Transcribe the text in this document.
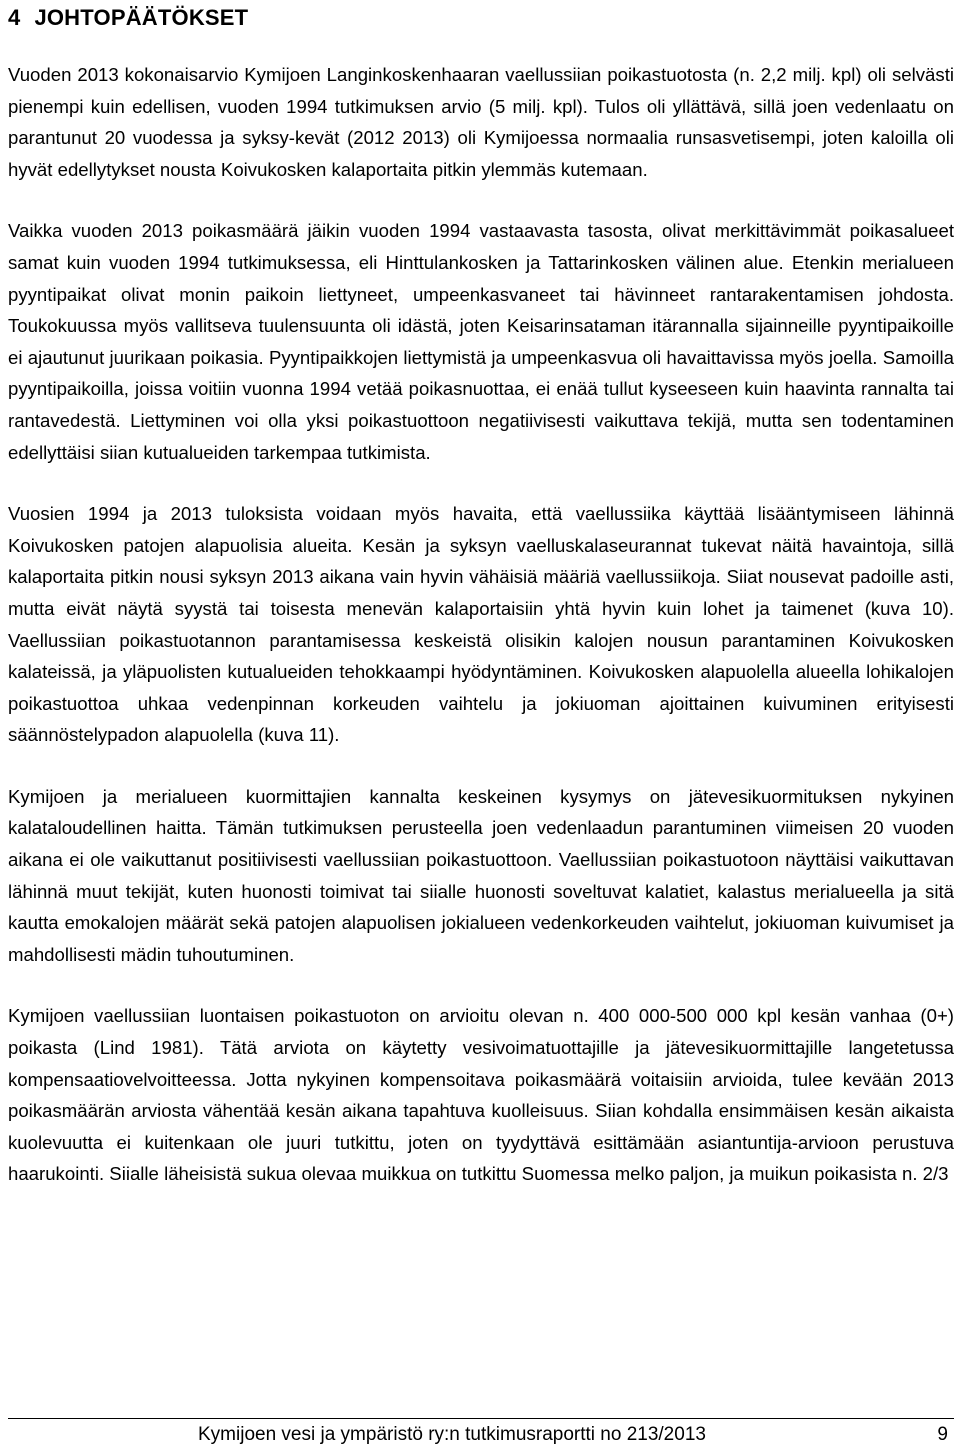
4 JOHTOPÄÄTÖKSET

Vuoden 2013 kokonaisarvio Kymijoen Langinkoskenhaaran vaellussiian poikastuotosta (n. 2,2 milj. kpl) oli selvästi pienempi kuin edellisen, vuoden 1994 tutkimuksen arvio (5 milj. kpl). Tulos oli yllättävä, sillä joen vedenlaatu on parantunut 20 vuodessa ja syksy-kevät (2012 2013) oli Kymijoessa normaalia runsasvetisempi, joten kaloilla oli hyvät edellytykset nousta Koivukosken kalaportaita pitkin ylemmäs kutemaan.

Vaikka vuoden 2013 poikasmäärä jäikin vuoden 1994 vastaavasta tasosta, olivat merkittävimmät poikasalueet samat kuin vuoden 1994 tutkimuksessa, eli Hinttulankosken ja Tattarinkosken välinen alue. Etenkin merialueen pyyntipaikat olivat monin paikoin liettyneet, umpeenkasvaneet tai hävinneet rantarakentamisen johdosta. Toukokuussa myös vallitseva tuulensuunta oli idästä, joten Keisarinsataman itärannalla sijainneille pyyntipaikoille ei ajautunut juurikaan poikasia. Pyyntipaikkojen liettymistä ja umpeenkasvua oli havaittavissa myös joella. Samoilla pyyntipaikoilla, joissa voitiin vuonna 1994 vetää poikasnuottaa, ei enää tullut kyseeseen kuin haavinta rannalta tai rantavedestä. Liettyminen voi olla yksi poikastuottoon negatiivisesti vaikuttava tekijä, mutta sen todentaminen edellyttäisi siian kutualueiden tarkempaa tutkimista.

Vuosien 1994 ja 2013 tuloksista voidaan myös havaita, että vaellussiika käyttää lisääntymiseen lähinnä Koivukosken patojen alapuolisia alueita. Kesän ja syksyn vaelluskalaseurannat tukevat näitä havaintoja, sillä kalaportaita pitkin nousi syksyn 2013 aikana vain hyvin vähäisiä määriä vaellussiikoja. Siiat nousevat padoille asti, mutta eivät näytä syystä tai toisesta menevän kalaportaisiin yhtä hyvin kuin lohet ja taimenet (kuva 10). Vaellussiian poikastuotannon parantamisessa keskeistä olisikin kalojen nousun parantaminen Koivukosken kalateissä, ja yläpuolisten kutualueiden tehokkaampi hyödyntäminen. Koivukosken alapuolella alueella lohikalojen poikastuottoa uhkaa vedenpinnan korkeuden vaihtelu ja jokiuoman ajoittainen kuivuminen erityisesti säännöstelypadon alapuolella (kuva 11).

Kymijoen ja merialueen kuormittajien kannalta keskeinen kysymys on jätevesikuormituksen nykyinen kalataloudellinen haitta. Tämän tutkimuksen perusteella joen vedenlaadun parantuminen viimeisen 20 vuoden aikana ei ole vaikuttanut positiivisesti vaellussiian poikastuottoon. Vaellussiian poikastuotoon näyttäisi vaikuttavan lähinnä muut tekijät, kuten huonosti toimivat tai siialle huonosti soveltuvat kalatiet, kalastus merialueella ja sitä kautta emokalojen määrät sekä patojen alapuolisen jokialueen vedenkorkeuden vaihtelut, jokiuoman kuivumiset ja mahdollisesti mädin tuhoutuminen.

Kymijoen vaellussiian luontaisen poikastuoton on arvioitu olevan n. 400 000-500 000 kpl kesän vanhaa (0+) poikasta (Lind 1981). Tätä arviota on käytetty vesivoimatuottajille ja jätevesikuormittajille langetetussa kompensaatiovelvoitteessa. Jotta nykyinen kompensoitava poikasmäärä voitaisiin arvioida, tulee kevään 2013 poikasmäärän arviosta vähentää kesän aikana tapahtuva kuolleisuus. Siian kohdalla ensimmäisen kesän aikaista kuolevuutta ei kuitenkaan ole juuri tutkittu, joten on tyydyttävä esittämään asiantuntija-arvioon perustuva haarukointi. Siialle läheisistä sukua olevaa muikkua on tutkittu Suomessa melko paljon, ja muikun poikasista n. 2/3

Kymijoen vesi ja ympäristö ry:n tutkimusraportti no 213/2013	9
